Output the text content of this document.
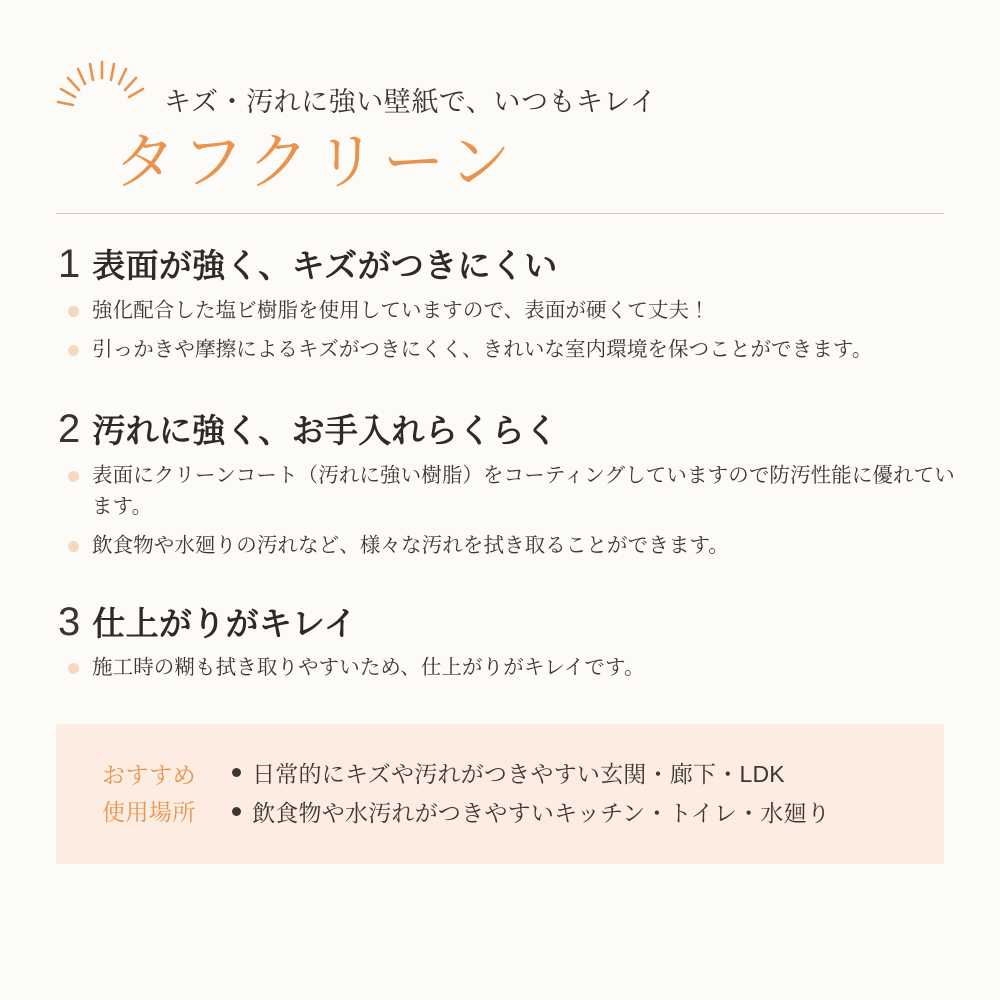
キズ・汚れに強い壁紙で、いつもキレイ
タフクリーン
1 表面が強く、キズがつきにくい
強化配合した塩ビ樹脂を使用していますので、表面が硬くて丈夫！
引っかきや摩擦によるキズがつきにくく、きれいな室内環境を保つことができます。
2 汚れに強く、お手入れらくらく
表面にクリーンコート（汚れに強い樹脂）をコーティングしていますので防汚性能に優れています。
飲食物や水廻りの汚れなど、様々な汚れを拭き取ることができます。
3 仕上がりがキレイ
施工時の糊も拭き取りやすいため、仕上がりがキレイです。
おすすめ
使用場所
日常的にキズや汚れがつきやすい玄関・廊下・LDK
飲食物や水汚れがつきやすいキッチン・トイレ・水廻り
